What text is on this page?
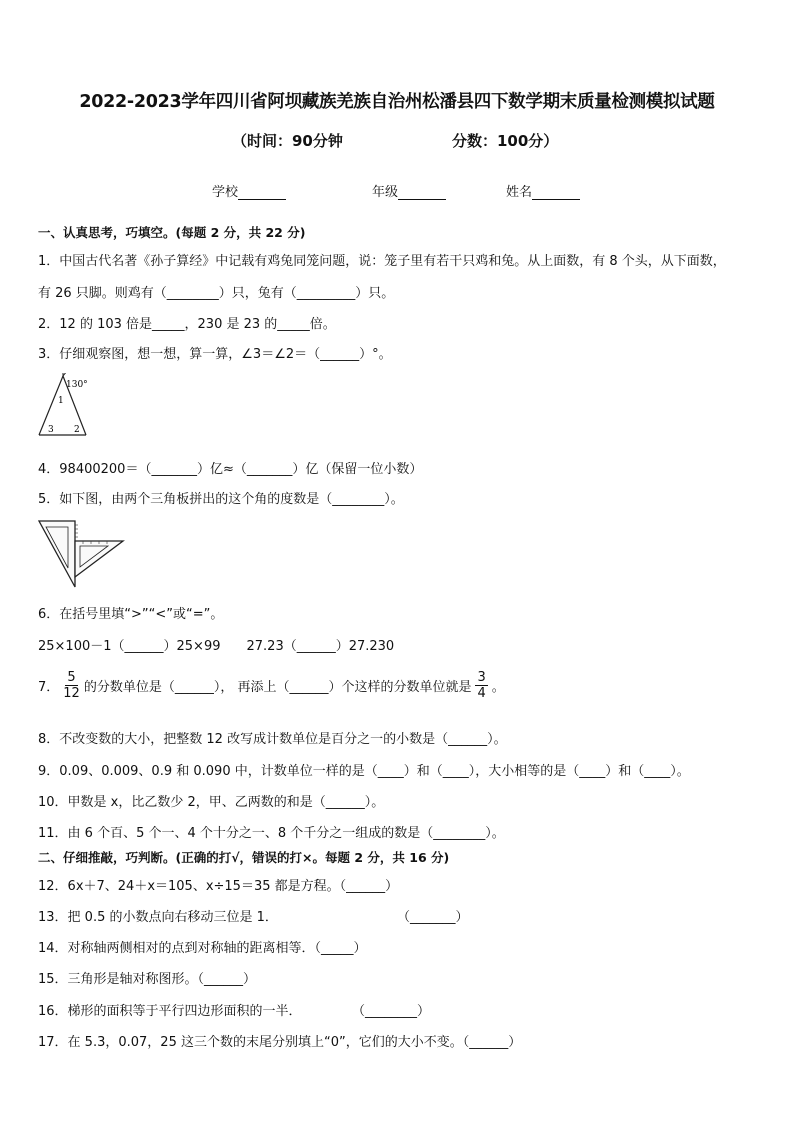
2022-2023学年四川省阿坝藏族羌族自治州松潘县四下数学期末质量检测模拟试题
（时间：90分钟	分数：100分）
学校	年级	姓名
一、认真思考，巧填空。(每题 2 分，共 22 分)
1．中国古代名著《孙子算经》中记载有鸡兔同笼问题，说：笼子里有若干只鸡和兔。从上面数，有 8 个头，从下面数，
有 26 只脚。则鸡有（________）只，兔有（_________）只。
2．12 的 103 倍是_____，230 是 23 的_____倍。
3．仔细观察图，想一想，算一算，∠3＝∠2＝（______）°。
130°
1
2
3
4．98400200＝（_______）亿≈（_______）亿（保留一位小数）
5．如下图，由两个三角板拼出的这个角的度数是（________）。
6．在括号里填“>”“<”或“=”。
25×100－1（______）25×99　　27.23（______）27.230
7． $\frac{5}{12}$ 的分数单位是（______）， 再添上（______）个这样的分数单位就是 $\frac{3}{4}$ 。
8．不改变数的大小，把整数 12 改写成计数单位是百分之一的小数是（______）。
9．0.09、0.009、0.9 和 0.090 中，计数单位一样的是（____）和（____），大小相等的是（____）和（____）。
10．甲数是 x，比乙数少 2，甲、乙两数的和是（______）。
11．由 6 个百、5 个一、4 个十分之一、8 个千分之一组成的数是（________）。
二、仔细推敲，巧判断。(正确的打√，错误的打×。每题 2 分，共 16 分)
12．6x＋7、24＋x＝105、x÷15＝35 都是方程。（______）
13．把 0.5 的小数点向右移动三位是 1．	（_______）
14．对称轴两侧相对的点到对称轴的距离相等．（_____）
15．三角形是轴对称图形。（______）
16．梯形的面积等于平行四边形面积的一半．	（________）
17．在 5.3，0.07，25 这三个数的末尾分别填上“0”，它们的大小不变。（______）
